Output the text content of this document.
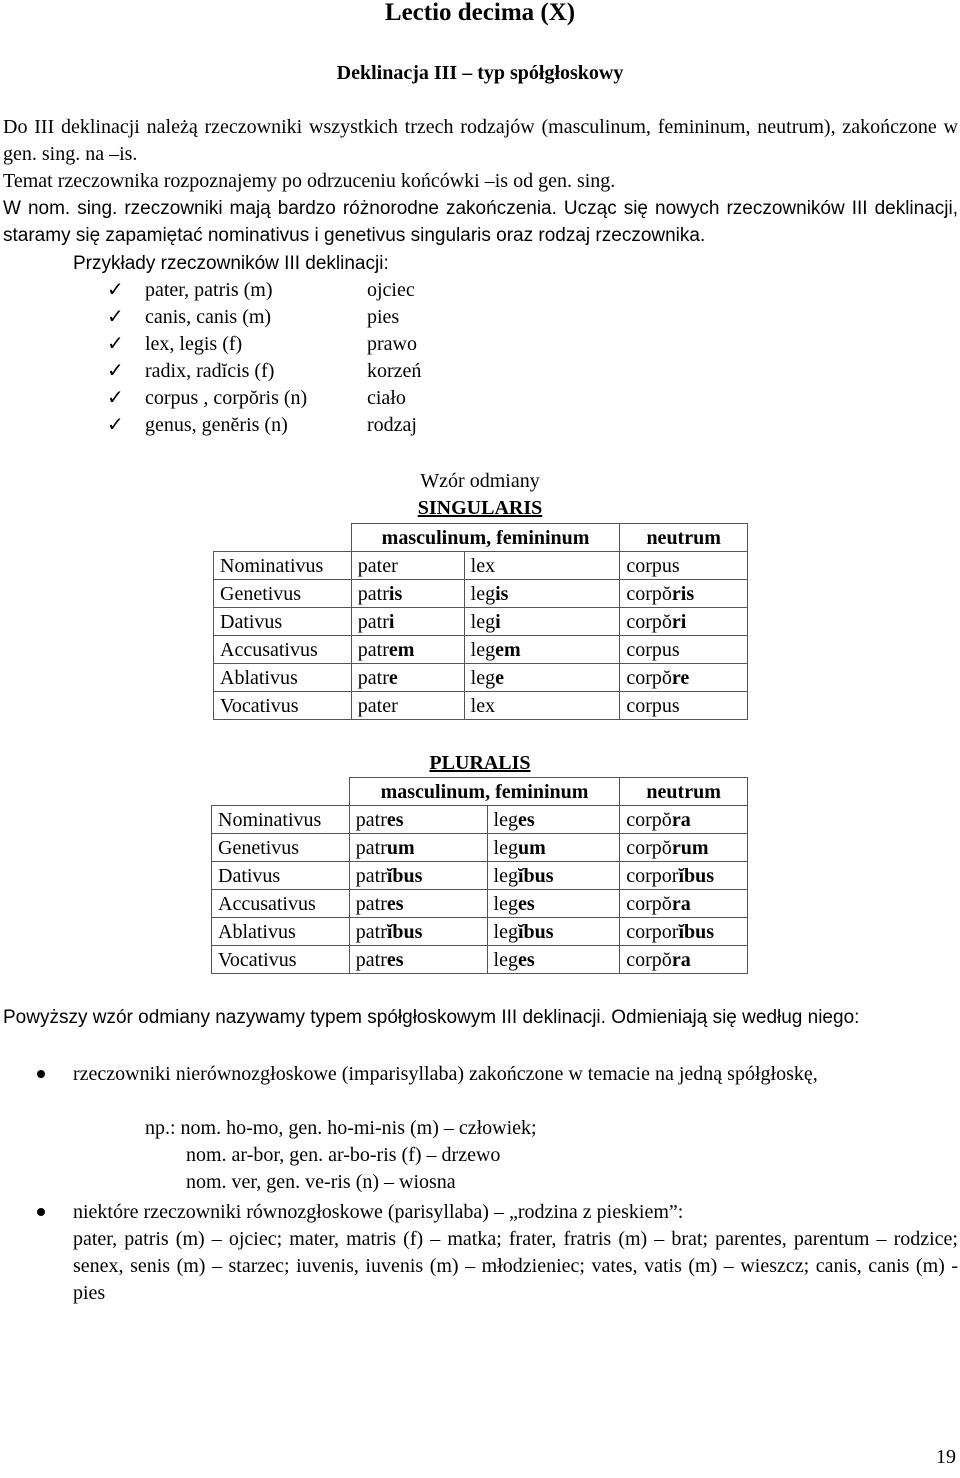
Lectio decima (X)
Deklinacja III – typ spółgłoskowy
Do III deklinacji należą rzeczowniki wszystkich trzech rodzajów (masculinum, femininum, neutrum), zakończone w gen. sing. na –is.
Temat rzeczownika rozpoznajemy po odrzuceniu końcówki –is od gen. sing.
W nom. sing. rzeczowniki mają bardzo różnorodne zakończenia. Ucząc się nowych rzeczowników III deklinacji, staramy się zapamiętać nominativus i genetivus singularis oraz rodzaj rzeczownika.
Przykłady rzeczowników III deklinacji:
✓ pater, patris (m)	ojciec
✓ canis, canis (m)	pies
✓ lex, legis (f)	prawo
✓ radix, radĭcis (f)	korzeń
✓ corpus , corpŏris (n)	ciało
✓ genus, genĕris (n)	rodzaj
Wzór odmiany
SINGULARIS
	masculinum, femininum		neutrum
Nominativus	pater	lex	corpus
Genetivus	patris	legis	corpŏris
Dativus	patri	legi	corpŏri
Accusativus	patrem	legem	corpus
Ablativus	patre	lege	corpŏre
Vocativus	pater	lex	corpus
PLURALIS
	masculinum, femininum		neutrum
Nominativus	patres	leges	corpŏra
Genetivus	patrum	legum	corpŏrum
Dativus	patrĭbus	legĭbus	corporĭbus
Accusativus	patres	leges	corpŏra
Ablativus	patrĭbus	legĭbus	corporĭbus
Vocativus	patres	leges	corpŏra
Powyższy wzór odmiany nazywamy typem spółgłoskowym III deklinacji. Odmieniają się według niego:
rzeczowniki nierównozgłoskowe (imparisyllaba) zakończone w temacie na jedną spółgłoskę,
np.: nom. ho-mo, gen. ho-mi-nis (m) – człowiek;
nom. ar-bor, gen. ar-bo-ris (f) – drzewo
nom. ver, gen. ve-ris (n) – wiosna
niektóre rzeczowniki równozgłoskowe (parisyllaba) – „rodzina z pieskiem”:
pater, patris (m) – ojciec; mater, matris (f) – matka; frater, fratris (m) – brat; parentes, parentum – rodzice; senex, senis (m) – starzec; iuvenis, iuvenis (m) – młodzieniec; vates, vatis (m) – wieszcz; canis, canis (m) - pies
19
